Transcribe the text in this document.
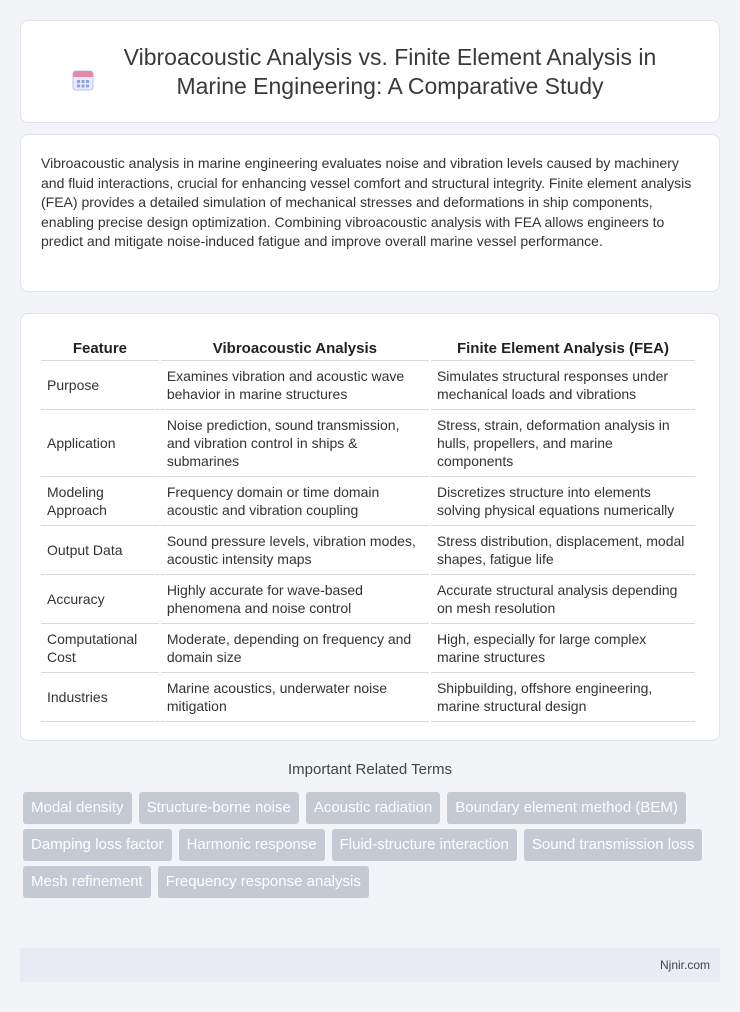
Vibroacoustic Analysis vs. Finite Element Analysis in Marine Engineering: A Comparative Study

Vibroacoustic analysis in marine engineering evaluates noise and vibration levels caused by machinery and fluid interactions, crucial for enhancing vessel comfort and structural integrity. Finite element analysis (FEA) provides a detailed simulation of mechanical stresses and deformations in ship components, enabling precise design optimization. Combining vibroacoustic analysis with FEA allows engineers to predict and mitigate noise-induced fatigue and improve overall marine vessel performance.

Feature	Vibroacoustic Analysis	Finite Element Analysis (FEA)
Purpose	Examines vibration and acoustic wave behavior in marine structures	Simulates structural responses under mechanical loads and vibrations
Application	Noise prediction, sound transmission, and vibration control in ships & submarines	Stress, strain, deformation analysis in hulls, propellers, and marine components
Modeling Approach	Frequency domain or time domain acoustic and vibration coupling	Discretizes structure into elements solving physical equations numerically
Output Data	Sound pressure levels, vibration modes, acoustic intensity maps	Stress distribution, displacement, modal shapes, fatigue life
Accuracy	Highly accurate for wave-based phenomena and noise control	Accurate structural analysis depending on mesh resolution
Computational Cost	Moderate, depending on frequency and domain size	High, especially for large complex marine structures
Industries	Marine acoustics, underwater noise mitigation	Shipbuilding, offshore engineering, marine structural design
Important Related Terms
Modal density	Structure-borne noise	Acoustic radiation	Boundary element method (BEM)
Damping loss factor	Harmonic response	Fluid-structure interaction	Sound transmission loss
Mesh refinement	Frequency response analysis
Njnir.com
